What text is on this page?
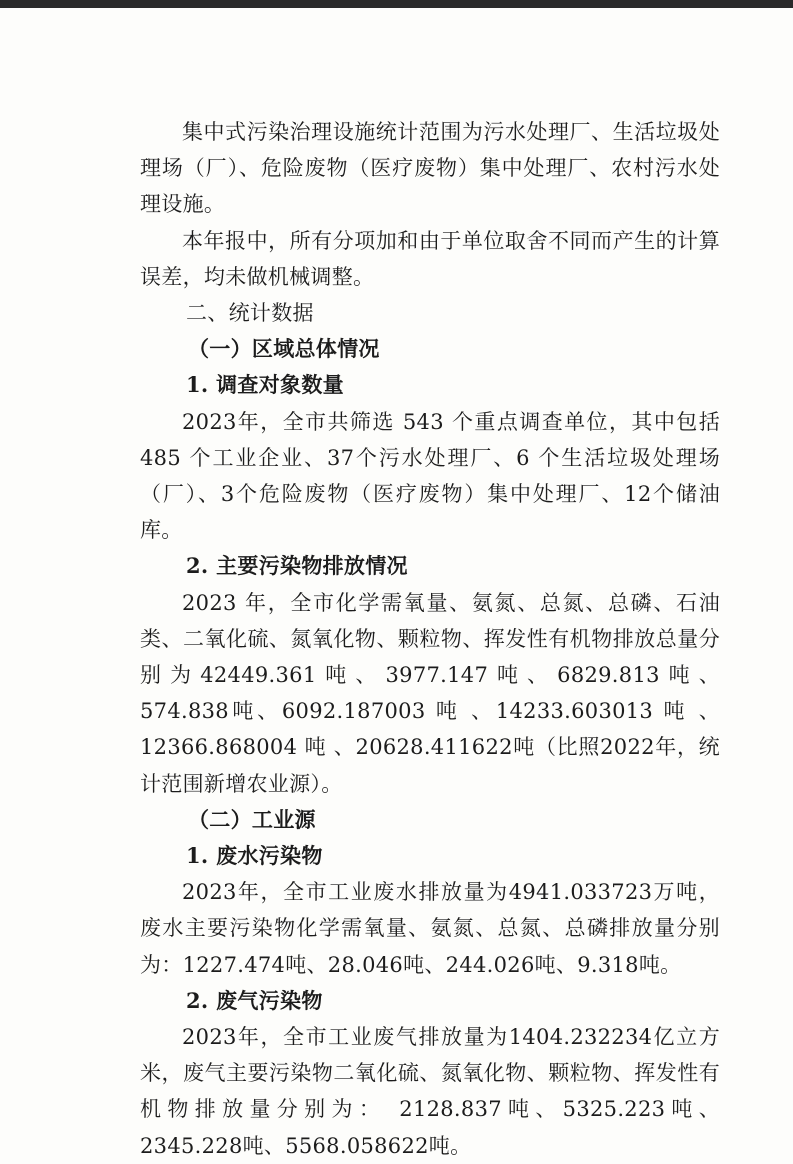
集中式污染治理设施统计范围为污水处理厂、生活垃圾处理场（厂）、危险废物（医疗废物）集中处理厂、农村污水处理设施。

本年报中，所有分项加和由于单位取舍不同而产生的计算误差，均未做机械调整。

二、统计数据

（一）区域总体情况

1. 调查对象数量

2023年，全市共筛选 543 个重点调查单位，其中包括485 个工业企业、37个污水处理厂、6 个生活垃圾处理场（厂）、3个危险废物（医疗废物）集中处理厂、12个储油库。

2. 主要污染物排放情况

2023 年，全市化学需氧量、氨氮、总氮、总磷、石油类、二氧化硫、氮氧化物、颗粒物、挥发性有机物排放总量分别为42449.361吨、3977.147吨、6829.813吨、574.838吨、6092.187003 吨 、14233.603013 吨 、12366.868004 吨 、20628.411622吨（比照2022年，统计范围新增农业源）。

（二）工业源

1. 废水污染物

2023年，全市工业废水排放量为4941.033723万吨，废水主要污染物化学需氧量、氨氮、总氮、总磷排放量分别为：1227.474吨、28.046吨、244.026吨、9.318吨。

2. 废气污染物

2023年，全市工业废气排放量为1404.232234亿立方米，废气主要污染物二氧化硫、氮氧化物、颗粒物、挥发性有机物排放量分别为： 2128.837吨、5325.223吨、2345.228吨、5568.058622吨。
